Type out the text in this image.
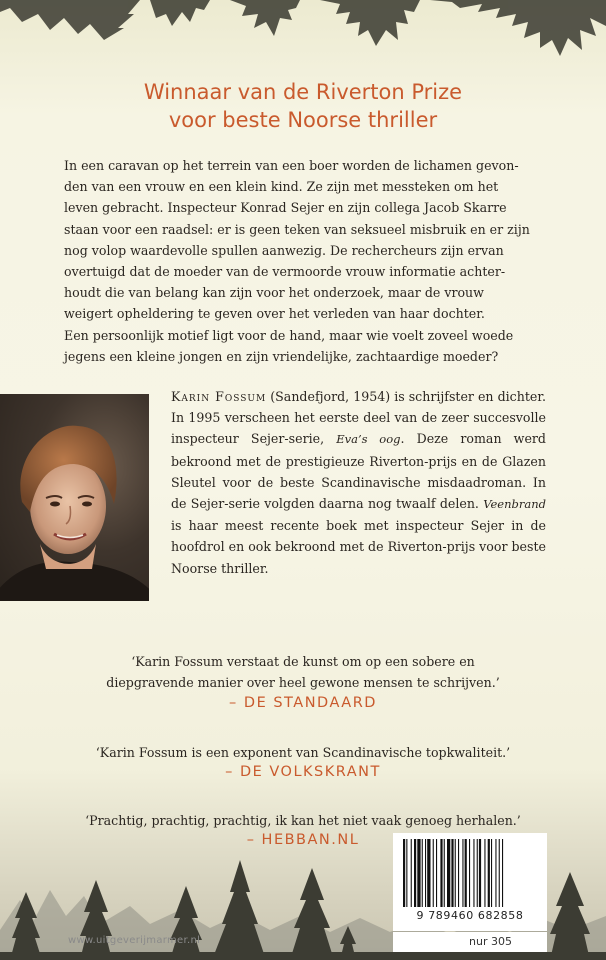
Winnaar van de Riverton Prize
voor beste Noorse thriller

In een caravan op het terrein van een boer worden de lichamen gevon-

den van een vrouw en een klein kind. Ze zijn met messteken om het

leven gebracht. Inspecteur Konrad Sejer en zijn collega Jacob Skarre

staan voor een raadsel: er is geen teken van seksueel misbruik en er zijn

nog volop waardevolle spullen aanwezig. De rechercheurs zijn ervan

overtuigd dat de moeder van de vermoorde vrouw informatie achter-

houdt die van belang kan zijn voor het onderzoek, maar de vrouw

weigert opheldering te geven over het verleden van haar dochter.

Een persoonlijk motief ligt voor de hand, maar wie voelt zoveel woede

jegens een kleine jongen en zijn vriendelijke, zachtaardige moeder?

Karin Fossum (Sandefjord, 1954) is schrijfster en dichter. In 1995 verscheen het eerste deel van de zeer succesvolle inspecteur Sejer-serie, Eva’s oog. Deze roman werd bekroond met de prestigieuze Riverton-prijs en de Glazen Sleutel voor de beste Scandinavische misdaadroman. In de Sejer-serie volgden daarna nog twaalf delen. Veenbrand is haar meest recente boek met inspecteur Sejer in de hoofdrol en ook bekroond met de Riverton-prijs voor beste Noorse thriller.
‘Karin Fossum verstaat de kunst om op een sobere en
diepgravende manier over heel gewone mensen te schrijven.’
– DE STANDAARD
‘Karin Fossum is een exponent van Scandinavische topkwaliteit.’
– DE VOLKSKRANT
‘Prachtig, prachtig, prachtig, ik kan het niet vaak genoeg herhalen.’
– HEBBAN.NL
www.uitgeverijmarmer.nl
9 789460 682858
nur 305
